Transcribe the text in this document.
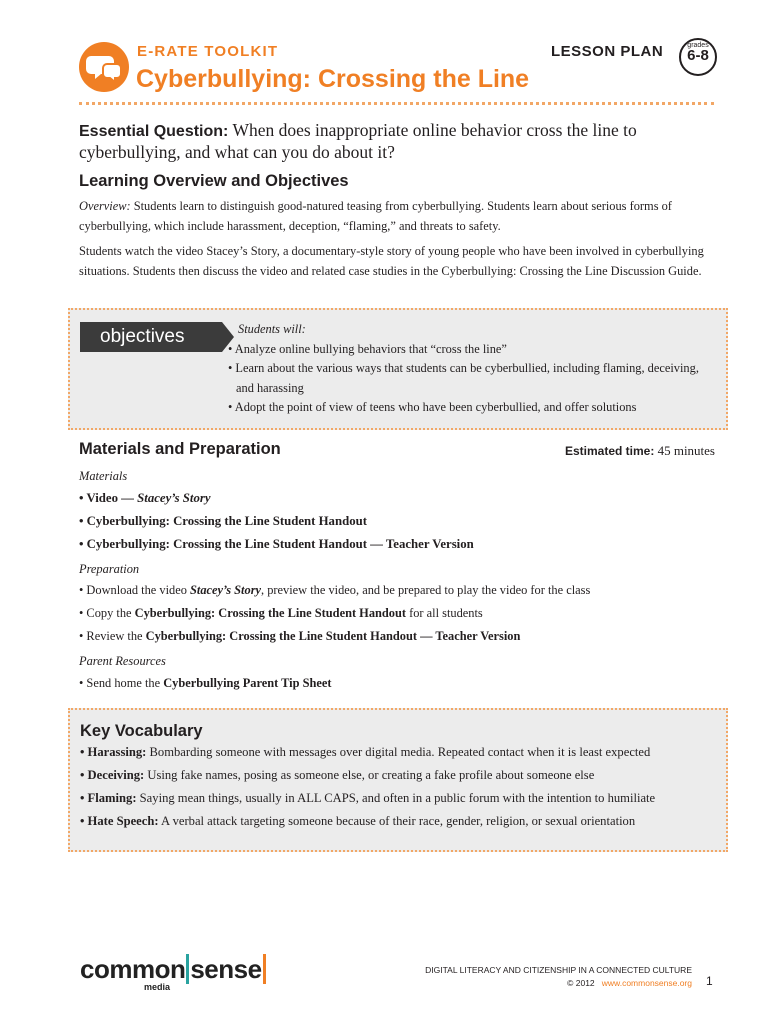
E-RATE TOOLKIT
Cyberbullying: Crossing the Line
LESSON PLAN	grades
6-8
Essential Question: When does inappropriate online behavior cross the line to cyberbullying, and what can you do about it?
Learning Overview and Objectives
Overview: Students learn to distinguish good-natured teasing from cyberbullying. Students learn about serious forms of cyberbullying, which include harassment, deception, “flaming,” and threats to safety.
Students watch the video Stacey’s Story, a documentary-style story of young people who have been involved in cyberbullying situations. Students then discuss the video and related case studies in the Cyberbullying: Crossing the Line Discussion Guide.
objectives	Students will:
• Analyze online bullying behaviors that “cross the line”
• Learn about the various ways that students can be cyberbullied, including flaming, deceiving, and harassing
• Adopt the point of view of teens who have been cyberbullied, and offer solutions
Materials and Preparation	Estimated time: 45 minutes
Materials
• Video — Stacey’s Story
• Cyberbullying: Crossing the Line Student Handout
• Cyberbullying: Crossing the Line Student Handout — Teacher Version
Preparation
• Download the video Stacey’s Story, preview the video, and be prepared to play the video for the class
• Copy the Cyberbullying: Crossing the Line Student Handout for all students
• Review the Cyberbullying: Crossing the Line Student Handout — Teacher Version
Parent Resources
• Send home the Cyberbullying Parent Tip Sheet
Key Vocabulary
• Harassing: Bombarding someone with messages over digital media. Repeated contact when it is least expected
• Deceiving: Using fake names, posing as someone else, or creating a fake profile about someone else
• Flaming: Saying mean things, usually in ALL CAPS, and often in a public forum with the intention to humiliate
• Hate Speech: A verbal attack targeting someone because of their race, gender, religion, or sexual orientation
common sense
media
DIGITAL LITERACY AND CITIZENSHIP IN A CONNECTED CULTURE
© 2012 www.commonsense.org 1
